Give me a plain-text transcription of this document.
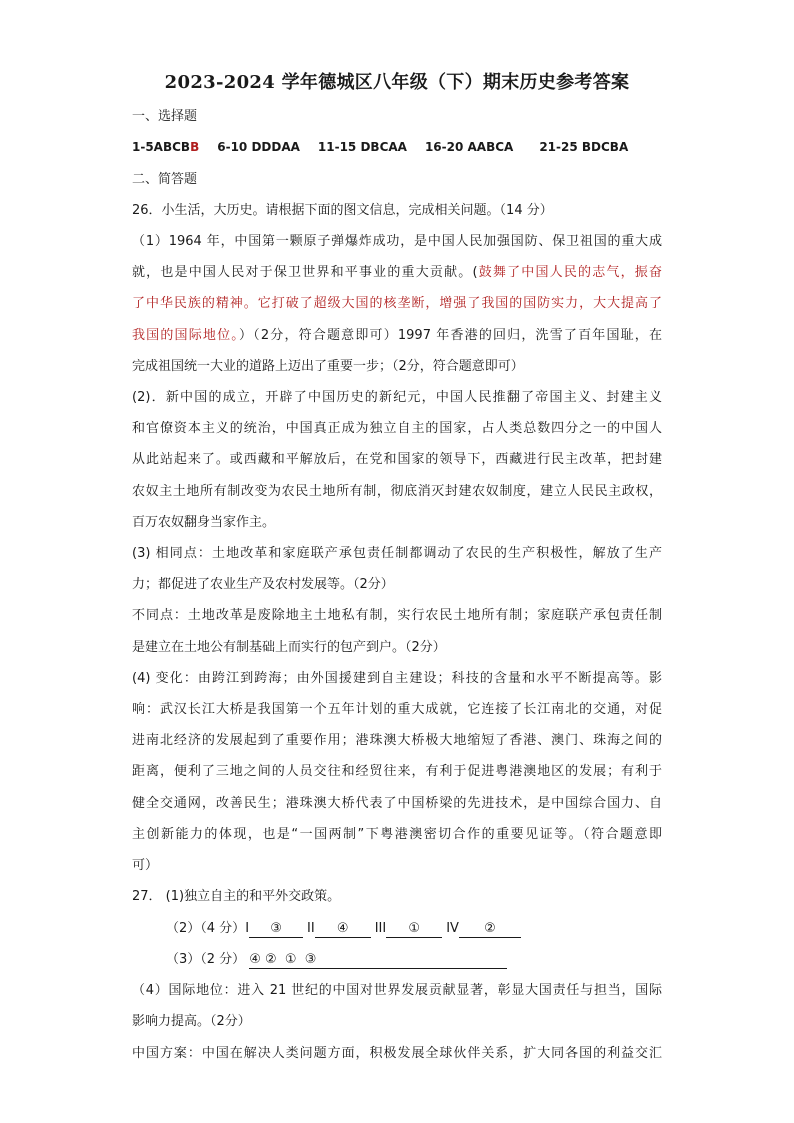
2023-2024 学年德城区八年级（下）期末历史参考答案
一、选择题
1-5ABCBB 6-10 DDDAA 11-15 DBCAA 16-20 AABCA 21-25 BDCBA
二、简答题
26．小生活，大历史。请根据下面的图文信息，完成相关问题。（14 分）
（1）1964 年，中国第一颗原子弹爆炸成功，是中国人民加强国防、保卫祖国的重大成
就，也是中国人民对于保卫世界和平事业的重大贡献。(鼓舞了中国人民的志气，振奋
了中华民族的精神。它打破了超级大国的核垄断，增强了我国的国防实力，大大提高了
我国的国际地位。）（2分，符合题意即可）1997 年香港的回归，洗雪了百年国耻，在
完成祖国统一大业的道路上迈出了重要一步；（2分，符合题意即可）
(2)．新中国的成立，开辟了中国历史的新纪元，中国人民推翻了帝国主义、封建主义
和官僚资本主义的统治，中国真正成为独立自主的国家，占人类总数四分之一的中国人
从此站起来了。或西藏和平解放后，在党和国家的领导下，西藏进行民主改革，把封建
农奴主土地所有制改变为农民土地所有制，彻底消灭封建农奴制度，建立人民民主政权，
百万农奴翻身当家作主。
(3) 相同点：土地改革和家庭联产承包责任制都调动了农民的生产积极性，解放了生产
力；都促进了农业生产及农村发展等。（2分）
不同点：土地改革是废除地主土地私有制，实行农民土地所有制；家庭联产承包责任制
是建立在土地公有制基础上而实行的包产到户。（2分）
(4) 变化：由跨江到跨海；由外国援建到自主建设；科技的含量和水平不断提高等。影
响：武汉长江大桥是我国第一个五年计划的重大成就，它连接了长江南北的交通，对促
进南北经济的发展起到了重要作用；港珠澳大桥极大地缩短了香港、澳门、珠海之间的
距离，便利了三地之间的人员交往和经贸往来，有利于促进粤港澳地区的发展；有利于
健全交通网，改善民生；港珠澳大桥代表了中国桥梁的先进技术，是中国综合国力、自
主创新能力的体现，也是“一国两制”下粤港澳密切合作的重要见证等。（符合题意即
可）
27． (1)独立自主的和平外交政策。
（2）（4 分）I ③ II ④ III ① IV ②
（3）（2 分） ④ ②  ①  ③
（4）国际地位：进入 21 世纪的中国对世界发展贡献显著，彰显大国责任与担当，国际
影响力提高。（2分）
中国方案：中国在解决人类问题方面，积极发展全球伙伴关系，扩大同各国的利益交汇
